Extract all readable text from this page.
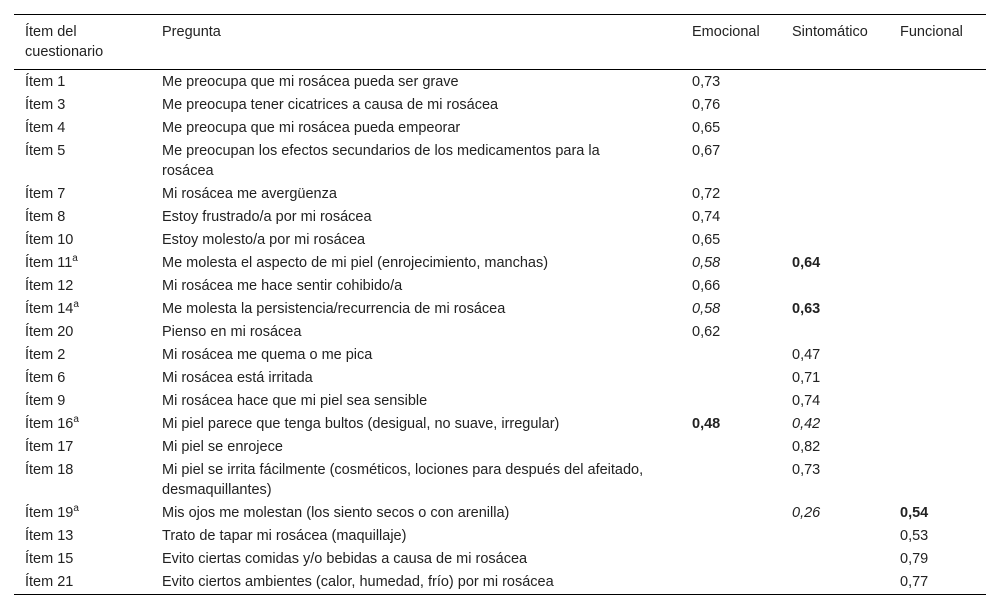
Ítem del cuestionario	Pregunta	Emocional	Sintomático	Funcional
Ítem 1	Me preocupa que mi rosácea pueda ser grave	0,73		
Ítem 3	Me preocupa tener cicatrices a causa de mi rosácea	0,76		
Ítem 4	Me preocupa que mi rosácea pueda empeorar	0,65		
Ítem 5	Me preocupan los efectos secundarios de los medicamentos para la rosácea	0,67		
Ítem 7	Mi rosácea me avergüenza	0,72		
Ítem 8	Estoy frustrado/a por mi rosácea	0,74		
Ítem 10	Estoy molesto/a por mi rosácea	0,65		
Ítem 11$^a$	Me molesta el aspecto de mi piel (enrojecimiento, manchas)	0,58	0,64	
Ítem 12	Mi rosácea me hace sentir cohibido/a	0,66		
Ítem 14$^a$	Me molesta la persistencia/recurrencia de mi rosácea	0,58	0,63	
Ítem 20	Pienso en mi rosácea	0,62		
Ítem 2	Mi rosácea me quema o me pica		0,47	
Ítem 6	Mi rosácea está irritada		0,71	
Ítem 9	Mi rosácea hace que mi piel sea sensible		0,74	
Ítem 16$^a$	Mi piel parece que tenga bultos (desigual, no suave, irregular)	0,48	0,42	
Ítem 17	Mi piel se enrojece		0,82	
Ítem 18	Mi piel se irrita fácilmente (cosméticos, lociones para después del afeitado, desmaquillantes)		0,73	
Ítem 19$^a$	Mis ojos me molestan (los siento secos o con arenilla)		0,26	0,54
Ítem 13	Trato de tapar mi rosácea (maquillaje)			0,53
Ítem 15	Evito ciertas comidas y/o bebidas a causa de mi rosácea			0,79
Ítem 21	Evito ciertos ambientes (calor, humedad, frío) por mi rosácea			0,77
